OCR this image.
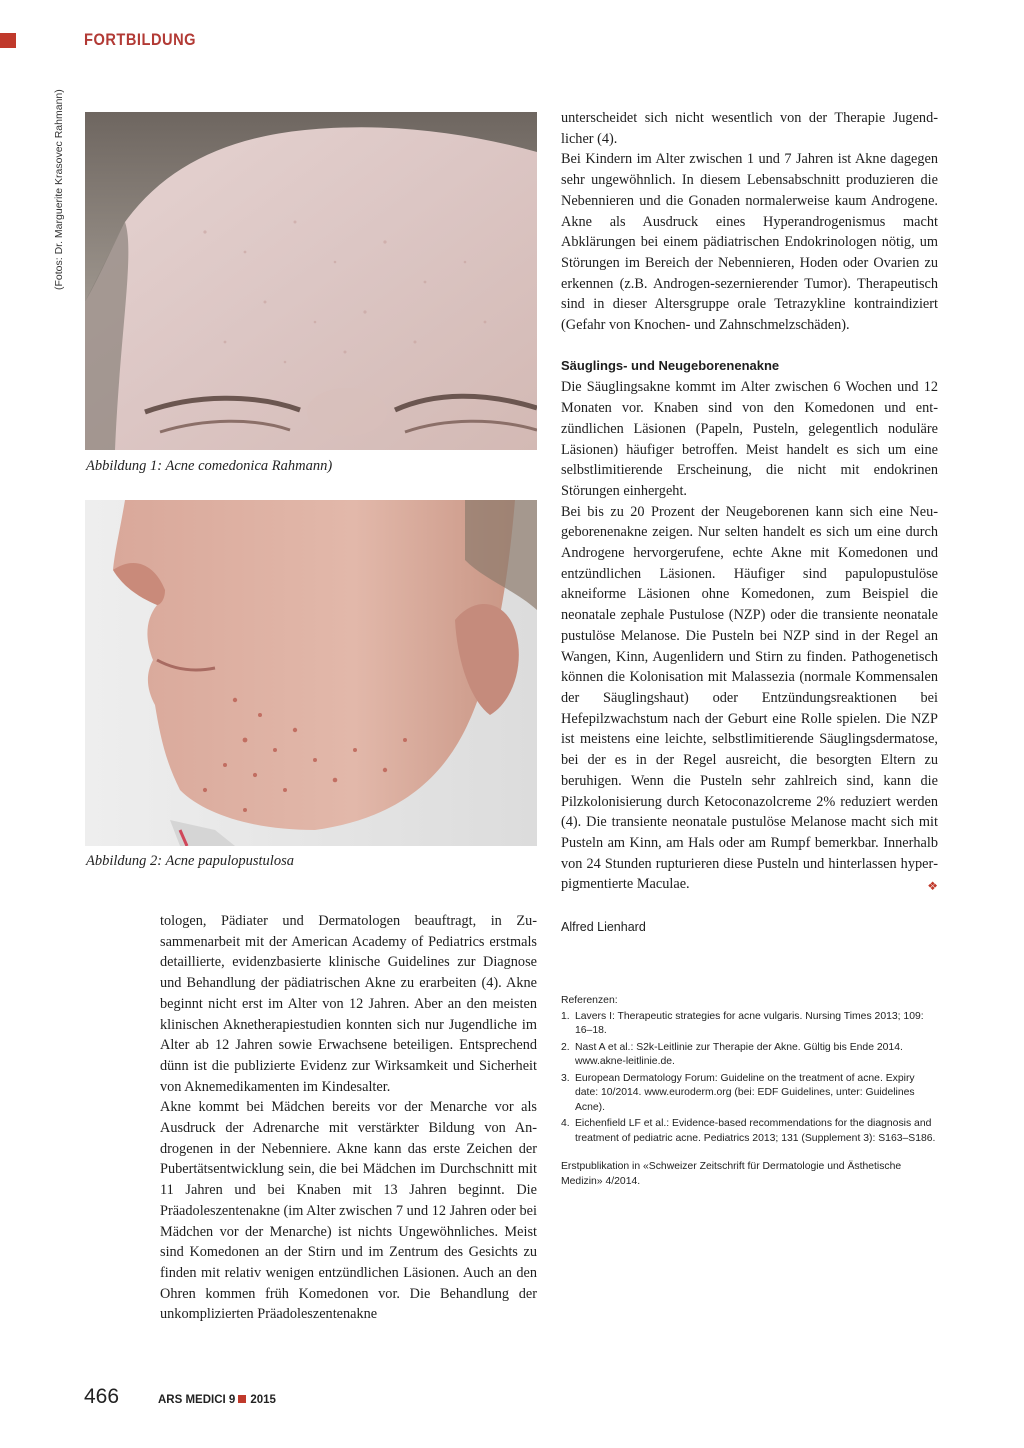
FORTBILDUNG
(Fotos: Dr. Marguerite Krasovec Rahmann)
Abbildung 1: Acne comedonica Rahmann)
Abbildung 2: Acne papulopustulosa

tologen, Pädiater und Dermatologen beauftragt, in Zusammenarbeit mit der American Academy of Pediatrics erstmals detaillierte, evidenzbasierte klinische Guidelines zur Diagnose und Behandlung der pädiatrischen Akne zu erarbeiten (4). Akne beginnt nicht erst im Alter von 12 Jahren. Aber an den meisten klinischen Aknetherapiestudien konnten sich nur Jugendliche im Alter ab 12 Jahren sowie Erwachsene beteiligen. Entsprechend dünn ist die publizierte Evidenz zur Wirksamkeit und Sicherheit von Aknemedikamenten im Kindesalter.

Akne kommt bei Mädchen bereits vor der Menarche vor als Ausdruck der Adrenarche mit verstärkter Bildung von Androgenen in der Nebenniere. Akne kann das erste Zeichen der Pubertätsentwicklung sein, die bei Mädchen im Durchschnitt mit 11 Jahren und bei Knaben mit 13 Jahren beginnt. Die Präadoleszentenakne (im Alter zwischen 7 und 12 Jahren oder bei Mädchen vor der Menarche) ist nichts Ungewöhnliches. Meist sind Komedonen an der Stirn und im Zentrum des Gesichts zu finden mit relativ wenigen entzündlichen Läsionen. Auch an den Ohren kommen früh Komedonen vor. Die Behandlung der unkomplizierten Präadoleszentenakne

unterscheidet sich nicht wesentlich von der Therapie Jugendlicher (4).

Bei Kindern im Alter zwischen 1 und 7 Jahren ist Akne dagegen sehr ungewöhnlich. In diesem Lebensabschnitt produzieren die Nebennieren und die Gonaden normalerweise kaum Androgene. Akne als Ausdruck eines Hyperandrogenismus macht Abklärungen bei einem pädiatrischen Endokrinologen nötig, um Störungen im Bereich der Nebennieren, Hoden oder Ovarien zu erkennen (z.B. Androgen-sezernierender Tumor). Therapeutisch sind in dieser Altersgruppe orale Tetrazykline kontraindiziert (Gefahr von Knochen- und Zahnschmelzschäden).

Säuglings- und Neugeborenenakne

Die Säuglingsakne kommt im Alter zwischen 6 Wochen und 12 Monaten vor. Knaben sind von den Komedonen und entzündlichen Läsionen (Papeln, Pusteln, gelegentlich noduläre Läsionen) häufiger betroffen. Meist handelt es sich um eine selbstlimitierende Erscheinung, die nicht mit endokrinen Störungen einhergeht.

Bei bis zu 20 Prozent der Neugeborenen kann sich eine Neugeborenenakne zeigen. Nur selten handelt es sich um eine durch Androgene hervorgerufene, echte Akne mit Komedonen und entzündlichen Läsionen. Häufiger sind papulopustulöse akneiforme Läsionen ohne Komedonen, zum Beispiel die neonatale zephale Pustulose (NZP) oder die transiente neonatale pustulöse Melanose. Die Pusteln bei NZP sind in der Regel an Wangen, Kinn, Augenlidern und Stirn zu finden. Pathogenetisch können die Kolonisation mit Malassezia (normale Kommensalen der Säuglingshaut) oder Entzündungsreaktionen bei Hefepilzwachstum nach der Geburt eine Rolle spielen. Die NZP ist meistens eine leichte, selbstlimitierende Säuglingsdermatose, bei der es in der Regel ausreicht, die besorgten Eltern zu beruhigen. Wenn die Pusteln sehr zahlreich sind, kann die Pilzkolonisierung durch Ketoconazolcreme 2% reduziert werden (4). Die transiente neonatale pustulöse Melanose macht sich mit Pusteln am Kinn, am Hals oder am Rumpf bemerkbar. Innerhalb von 24 Stunden rupturieren diese Pusteln und hinterlassen hyperpigmentierte Maculae.	❖

Alfred Lienhard
Referenzen:
1. Lavers I: Therapeutic strategies for acne vulgaris. Nursing Times 2013; 109: 16–18.
2. Nast A et al.: S2k-Leitlinie zur Therapie der Akne. Gültig bis Ende 2014. www.akne-leitlinie.de.
3. European Dermatology Forum: Guideline on the treatment of acne. Expiry date: 10/2014. www.euroderm.org (bei: EDF Guidelines, unter: Guidelines Acne).
4. Eichenfield LF et al.: Evidence-based recommendations for the diagnosis and treatment of pediatric acne. Pediatrics 2013; 131 (Supplement 3): S163–S186.
Erstpublikation in «Schweizer Zeitschrift für Dermatologie und Ästhetische Medizin» 4/2014.
466	ARS MEDICI 9 2015
